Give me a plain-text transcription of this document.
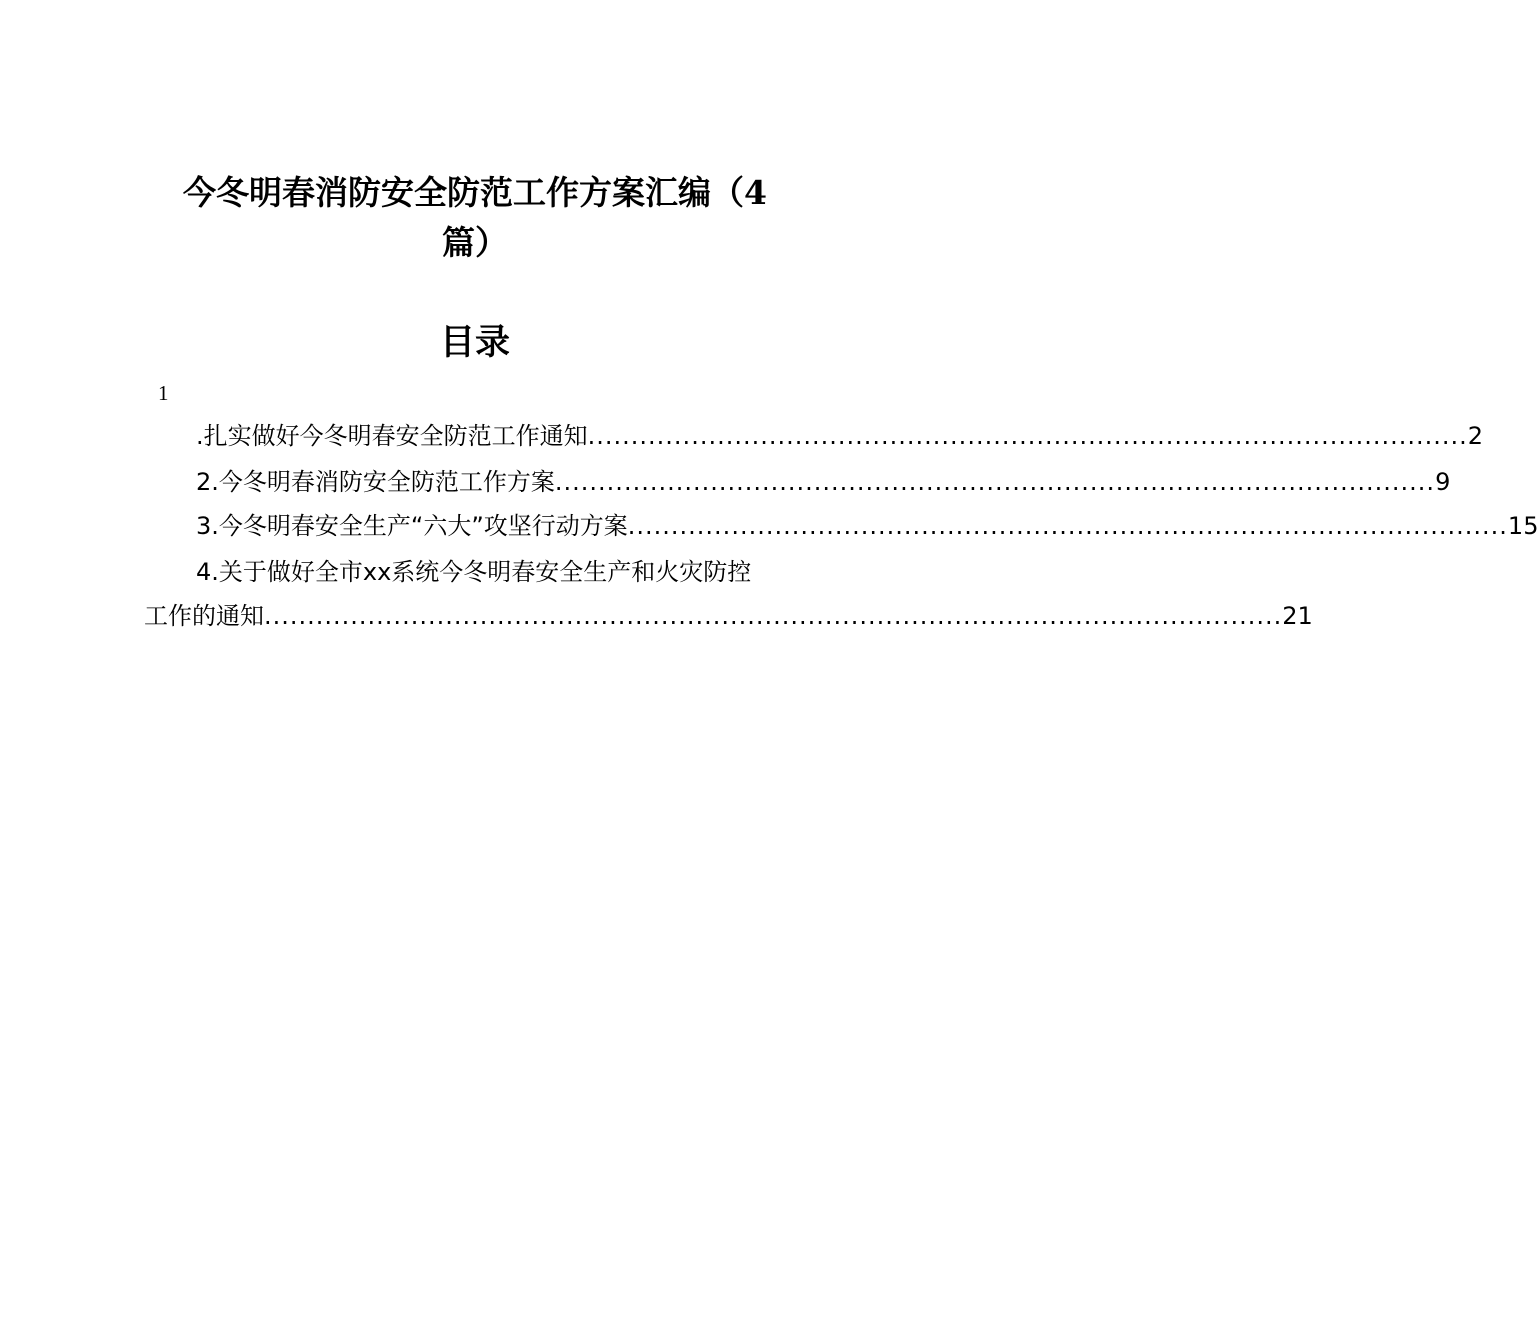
今冬明春消防安全防范工作方案汇编（4
篇）
目录
1
.扎实做好今冬明春安全防范工作通知 ...................................................................................................... 2
2.今冬明春消防安全防范工作方案 ...................................................................................................... 9
3.今冬明春安全生产“六大”攻坚行动方案 ...................................................................................................... 15
4.关于做好全市xx系统今冬明春安全生产和火灾防控
工作的通知 ...................................................................................................................... 21
